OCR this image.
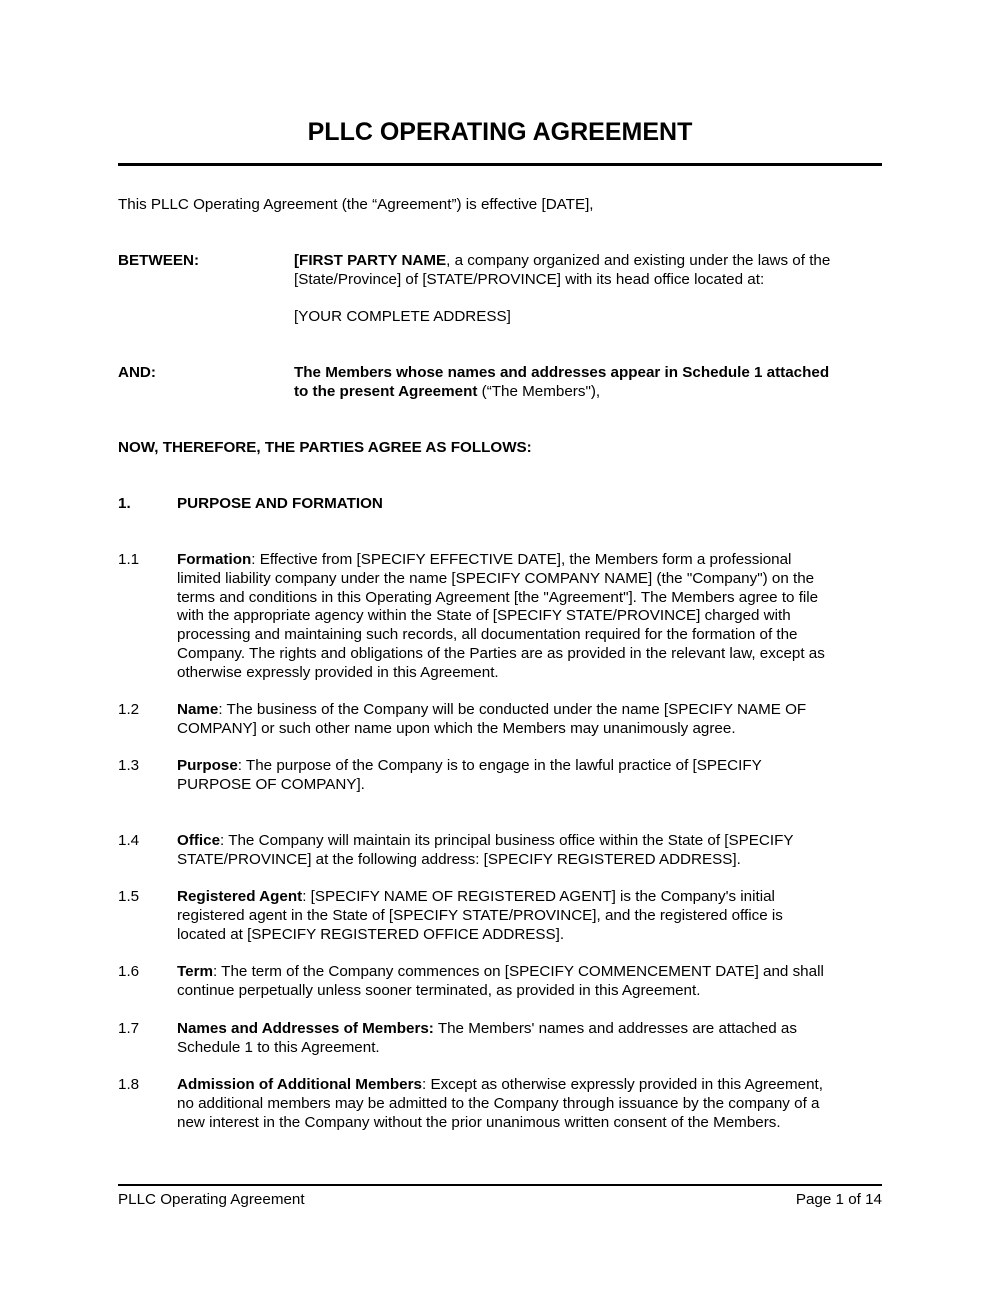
PLLC OPERATING AGREEMENT
This PLLC Operating Agreement (the “Agreement”) is effective [DATE],
BETWEEN:	[FIRST PARTY NAME, a company organized and existing under the laws of the
[State/Province] of [STATE/PROVINCE] with its head office located at:
[YOUR COMPLETE ADDRESS]
AND:	The Members whose names and addresses appear in Schedule 1 attached
to the present Agreement (“The Members"),
NOW, THEREFORE, THE PARTIES AGREE AS FOLLOWS:
1.	PURPOSE AND FORMATION
1.1 Formation: Effective from [SPECIFY EFFECTIVE DATE], the Members form a professional
limited liability company under the name [SPECIFY COMPANY NAME] (the "Company") on the
terms and conditions in this Operating Agreement [the "Agreement"]. The Members agree to file
with the appropriate agency within the State of [SPECIFY STATE/PROVINCE] charged with
processing and maintaining such records, all documentation required for the formation of the
Company. The rights and obligations of the Parties are as provided in the relevant law, except as
otherwise expressly provided in this Agreement.
1.2 Name: The business of the Company will be conducted under the name [SPECIFY NAME OF
COMPANY] or such other name upon which the Members may unanimously agree.
1.3 Purpose: The purpose of the Company is to engage in the lawful practice of [SPECIFY
PURPOSE OF COMPANY].
1.4 Office: The Company will maintain its principal business office within the State of [SPECIFY
STATE/PROVINCE] at the following address: [SPECIFY REGISTERED ADDRESS].
1.5 Registered Agent: [SPECIFY NAME OF REGISTERED AGENT] is the Company's initial
registered agent in the State of [SPECIFY STATE/PROVINCE], and the registered office is
located at [SPECIFY REGISTERED OFFICE ADDRESS].
1.6 Term: The term of the Company commences on [SPECIFY COMMENCEMENT DATE] and shall
continue perpetually unless sooner terminated, as provided in this Agreement.
1.7 Names and Addresses of Members: The Members' names and addresses are attached as
Schedule 1 to this Agreement.
1.8 Admission of Additional Members: Except as otherwise expressly provided in this Agreement,
no additional members may be admitted to the Company through issuance by the company of a
new interest in the Company without the prior unanimous written consent of the Members.
PLLC Operating Agreement	Page 1 of 14
